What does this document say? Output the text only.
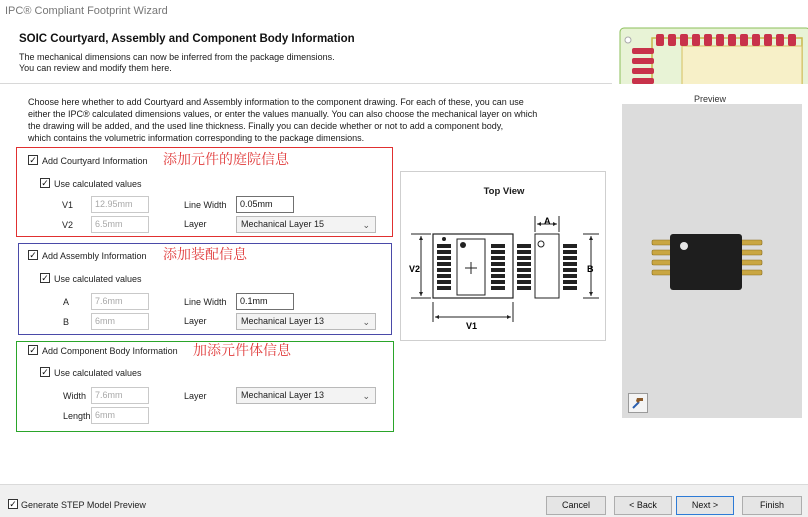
IPC® Compliant Footprint Wizard
SOIC Courtyard, Assembly and Component Body Information
The mechanical dimensions can now be inferred from the package dimensions.
You can review and modify them here.
Choose here whether to add Courtyard and Assembly information to the component drawing. For each of these, you can use
either the IPC® calculated dimensions values, or enter the values manually. You can also choose the mechanical layer on which
the drawing will be added, and the used line thickness. Finally you can decide whether or not to add a component body,
which contains the volumetric information corresponding to the package dimensions.
✓ Add Courtyard Information 添加元件的庭院信息
✓ Use calculated values
V1	12.95mm
V2	6.5mm
Line Width	0.05mm
Layer	Mechanical Layer 15	⌄
✓ Add Assembly Information 添加装配信息
✓ Use calculated values
A	7.6mm
B	6mm
Line Width	0.1mm
Layer	Mechanical Layer 13	⌄
✓ Add Component Body Information 加添元件体信息
✓ Use calculated values
Width 7.6mm
Length 6mm
Layer	Mechanical Layer 13	⌄
Top View
A
B
V2
V1
Preview
✓ Generate STEP Model Preview	Cancel	< Back	Next >	Finish
